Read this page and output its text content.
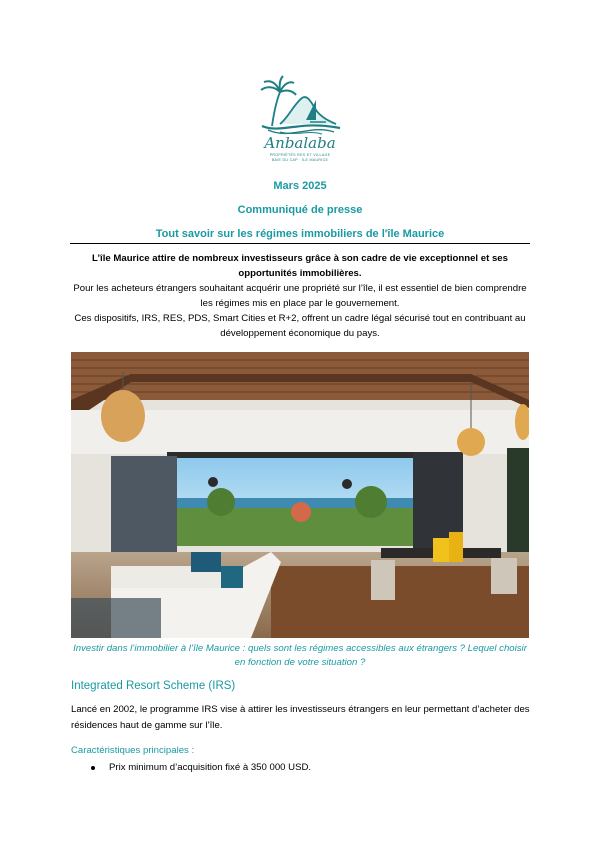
Anbalaba
PROPRIÉTÉS RES ET VILLAGE
BAIE DU CAP · ÎLE MAURICE
Mars 2025
Communiqué de presse
Tout savoir sur les régimes immobiliers de l'île Maurice

L’île Maurice attire de nombreux investisseurs grâce à son cadre de vie exceptionnel et ses opportunités immobilières.

Pour les acheteurs étrangers souhaitant acquérir une propriété sur l’île, il est essentiel de bien comprendre les régimes mis en place par le gouvernement.

Ces dispositifs, IRS, RES, PDS, Smart Cities et R+2, offrent un cadre légal sécurisé tout en contribuant au développement économique du pays.

Investir dans l’immobilier à l’île Maurice : quels sont les régimes accessibles aux étrangers ? Lequel choisir en fonction de votre situation ?
Integrated Resort Scheme (IRS)
Lancé en 2002, le programme IRS vise à attirer les investisseurs étrangers en leur permettant d’acheter des résidences haut de gamme sur l’île.
Caractéristiques principales :
Prix minimum d’acquisition fixé à 350 000 USD.
